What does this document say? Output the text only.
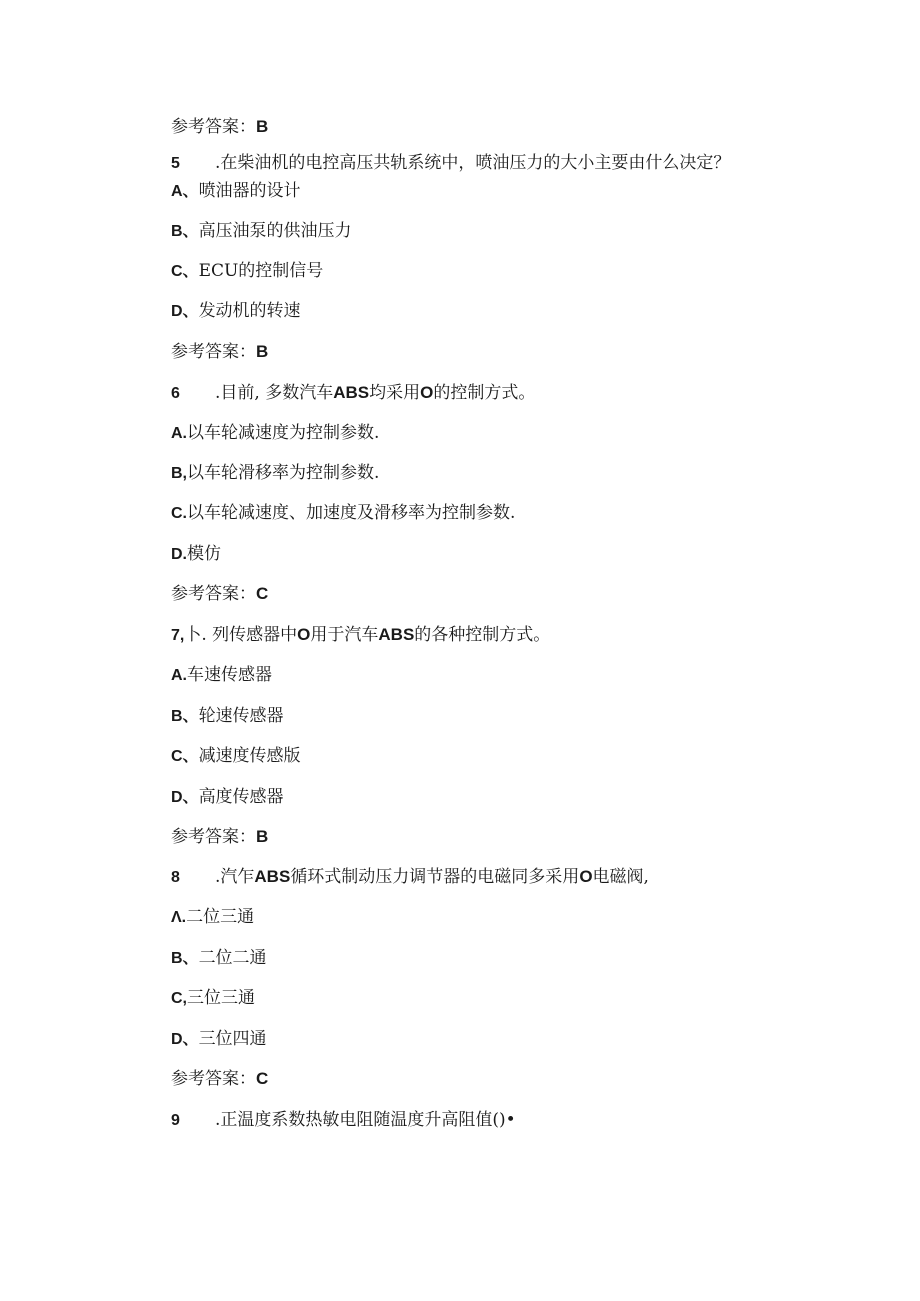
参考答案：B
5 .在柴油机的电控高压共轨系统中，喷油压力的大小主要由什么决定？
A、喷油器的设计
B、高压油泵的供油压力
C、ECU的控制信号
D、发动机的转速
参考答案：B
6 .目前, 多数汽车ABS均采用O的控制方式。
A.以车轮减速度为控制参数.
B,以车轮滑移率为控制参数.
C.以车轮减速度、加速度及滑移率为控制参数.
D.模仿
参考答案：C
7,卜. 列传感器中O用于汽车ABS的各种控制方式。
A.车速传感器
B、轮速传感器
C、减速度传感版
D、高度传感器
参考答案：B
8 .汽乍ABS循环式制动压力调节器的电磁同多采用O电磁阀,
Λ.二位三通
B、二位二通
C,三位三通
D、三位四通
参考答案：C
9 .正温度系数热敏电阻随温度升高阻值()•
